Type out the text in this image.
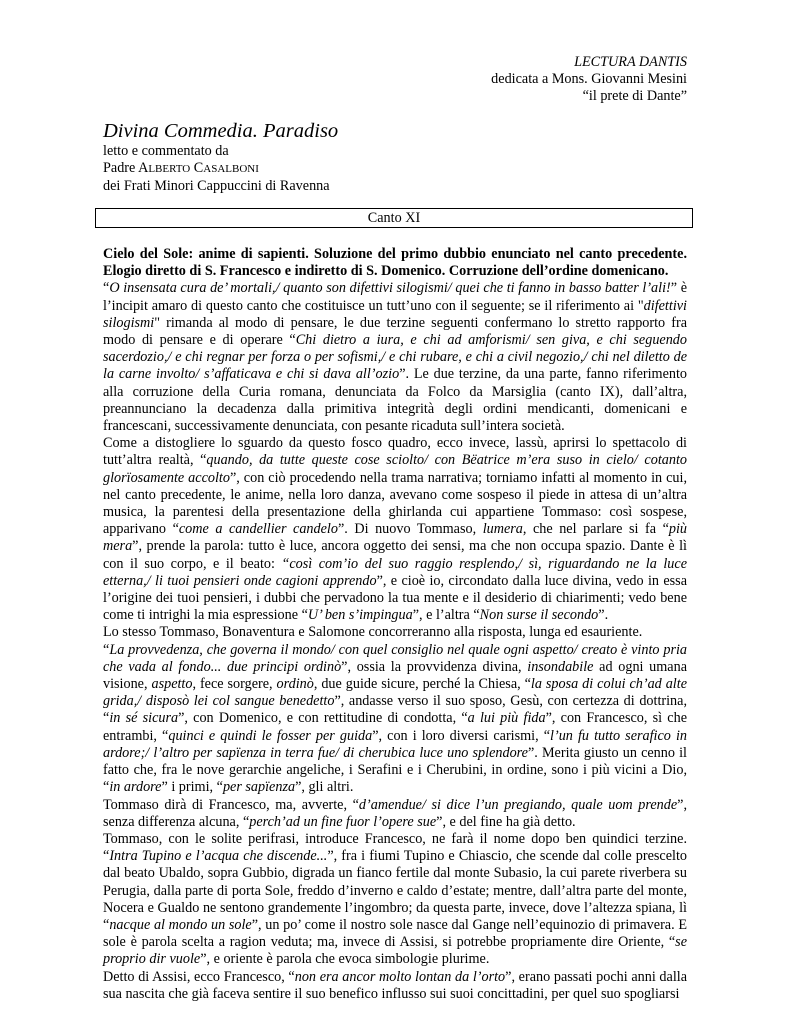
LECTURA DANTIS
dedicata a Mons. Giovanni Mesini
“il prete di Dante”
Divina Commedia. Paradiso
letto e commentato da
Padre ALBERTO CASALBONI
dei Frati Minori Cappuccini di Ravenna
Canto XI

Cielo del Sole: anime di sapienti. Soluzione del primo dubbio enunciato nel canto precedente. Elogio diretto di S. Francesco e indiretto di S. Domenico. Corruzione dell’ordine domenicano.

“O insensata cura de’ mortali,/ quanto son difettivi silogismi/ quei che ti fanno in basso batter l’ali!” è l’incipit amaro di questo canto che costituisce un tutt’uno con il seguente; se il riferimento ai "difettivi silogismi" rimanda al modo di pensare, le due terzine seguenti confermano lo stretto rapporto fra modo di pensare e di operare “Chi dietro a iura, e chi ad amforismi/ sen giva, e chi seguendo sacerdozio,/ e chi regnar per forza o per sofismi,/ e chi rubare, e chi a civil negozio,/ chi nel diletto de la carne involto/ s’affaticava e chi si dava all’ozio”. Le due terzine, da una parte, fanno riferimento alla corruzione della Curia romana, denunciata da Folco da Marsiglia (canto IX), dall’altra, preannunciano la decadenza dalla primitiva integrità degli ordini mendicanti, domenicani e francescani, successivamente denunciata, con pesante ricaduta sull’intera società.

Come a distogliere lo sguardo da questo fosco quadro, ecco invece, lassù, aprirsi lo spettacolo di tutt’altra realtà, “quando, da tutte queste cose sciolto/ con Bëatrice m’era suso in cielo/ cotanto glorïosamente accolto”, con ciò procedendo nella trama narrativa; torniamo infatti al momento in cui, nel canto precedente, le anime, nella loro danza, avevano come sospeso il piede in attesa di un’altra musica, la parentesi della presentazione della ghirlanda cui appartiene Tommaso: così sospese, apparivano “come a candellier candelo”. Di nuovo Tommaso, lumera, che nel parlare si fa “più mera”, prende la parola: tutto è luce, ancora oggetto dei sensi, ma che non occupa spazio. Dante è lì con il suo corpo, e il beato: “così com’io del suo raggio resplendo,/ sì, riguardando ne la luce etterna,/ li tuoi pensieri onde cagioni apprendo”, e cioè io, circondato dalla luce divina, vedo in essa l’origine dei tuoi pensieri, i dubbi che pervadono la tua mente e il desiderio di chiarimenti; vedo bene come ti intrighi la mia espressione “U’ ben s’impingua”, e l’altra “Non surse il secondo”.

Lo stesso Tommaso, Bonaventura e Salomone concorreranno alla risposta, lunga ed esauriente.

“La provvedenza, che governa il mondo/ con quel consiglio nel quale ogni aspetto/ creato è vinto pria che vada al fondo... due principi ordinò”, ossia la provvidenza divina, insondabile ad ogni umana visione, aspetto, fece sorgere, ordinò, due guide sicure, perché la Chiesa, “la sposa di colui ch’ad alte grida,/ disposò lei col sangue benedetto”, andasse verso il suo sposo, Gesù, con certezza di dottrina, “in sé sicura”, con Domenico, e con rettitudine di condotta, “a lui più fida”, con Francesco, sì che entrambi, “quinci e quindi le fosser per guida”, con i loro diversi carismi, “l’un fu tutto serafico in ardore;/ l’altro per sapïenza in terra fue/ di cherubica luce uno splendore”. Merita giusto un cenno il fatto che, fra le nove gerarchie angeliche, i Serafini e i Cherubini, in ordine, sono i più vicini a Dio, “in ardore” i primi, “per sapïenza”, gli altri.

Tommaso dirà di Francesco, ma, avverte, “d’amendue/ si dice l’un pregiando, quale uom prende”, senza differenza alcuna, “perch’ad un fine fuor l’opere sue”, e del fine ha già detto.

Tommaso, con le solite perifrasi, introduce Francesco, ne farà il nome dopo ben quindici terzine. “Intra Tupino e l’acqua che discende...”, fra i fiumi Tupino e Chiascio, che scende dal colle prescelto dal beato Ubaldo, sopra Gubbio, digrada un fianco fertile dal monte Subasio, la cui parete riverbera su Perugia, dalla parte di porta Sole, freddo d’inverno e caldo d’estate; mentre, dall’altra parte del monte, Nocera e Gualdo ne sentono grandemente l’ingombro; da questa parte, invece, dove l’altezza spiana, lì “nacque al mondo un sole”, un po’ come il nostro sole nasce dal Gange nell’equinozio di primavera. E sole è parola scelta a ragion veduta; ma, invece di Assisi, si potrebbe propriamente dire Oriente, “se proprio dir vuole”, e oriente è parola che evoca simbologie plurime.

Detto di Assisi, ecco Francesco, “non era ancor molto lontan da l’orto”, erano passati pochi anni dalla sua nascita che già faceva sentire il suo benefico influsso sui suoi concittadini, per quel suo spogliarsi
